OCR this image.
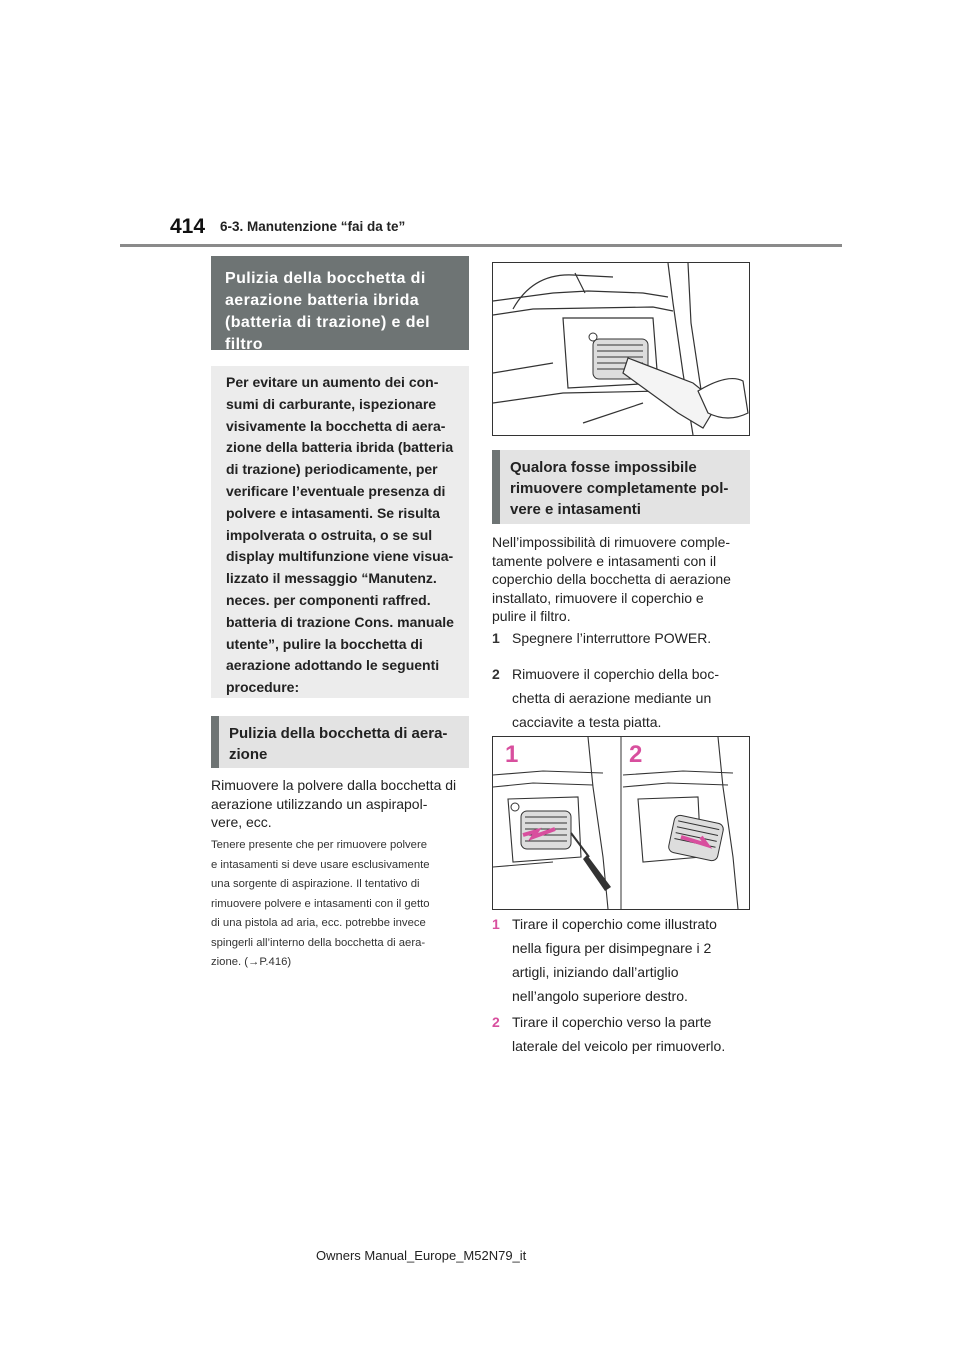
414 6-3. Manutenzione “fai da te”
Pulizia della bocchetta di aerazione batteria ibrida (batteria di trazione) e del filtro
Per evitare un aumento dei con-
sumi di carburante, ispezionare
visivamente la bocchetta di aera-
zione della batteria ibrida (batteria
di trazione) periodicamente, per
verificare l’eventuale presenza di
polvere e intasamenti. Se risulta
impolverata o ostruita, o se sul
display multifunzione viene visua-
lizzato il messaggio “Manutenz.
neces. per componenti raffred.
batteria di trazione Cons. manuale
utente”, pulire la bocchetta di
aerazione adottando le seguenti
procedure:
Pulizia della bocchetta di aera-
zione
Rimuovere la polvere dalla bocchetta di
aerazione utilizzando un aspirapol-
vere, ecc.
Tenere presente che per rimuovere polvere
e intasamenti si deve usare esclusivamente
una sorgente di aspirazione. Il tentativo di
rimuovere polvere e intasamenti con il getto
di una pistola ad aria, ecc. potrebbe invece
spingerli all’interno della bocchetta di aera-
zione. (→P.416)
Qualora fosse impossibile
rimuovere completamente pol-
vere e intasamenti
Nell’impossibilità di rimuovere comple-
tamente polvere e intasamenti con il
coperchio della bocchetta di aerazione
installato, rimuovere il coperchio e
pulire il filtro.
1 Spegnere l’interruttore POWER.
2 Rimuovere il coperchio della boc-
chetta di aerazione mediante un
cacciavite a testa piatta.
1	2
1 Tirare il coperchio come illustrato
nella figura per disimpegnare i 2
artigli, iniziando dall’artiglio
nell’angolo superiore destro.
2 Tirare il coperchio verso la parte
laterale del veicolo per rimuoverlo.
Owners Manual_Europe_M52N79_it
